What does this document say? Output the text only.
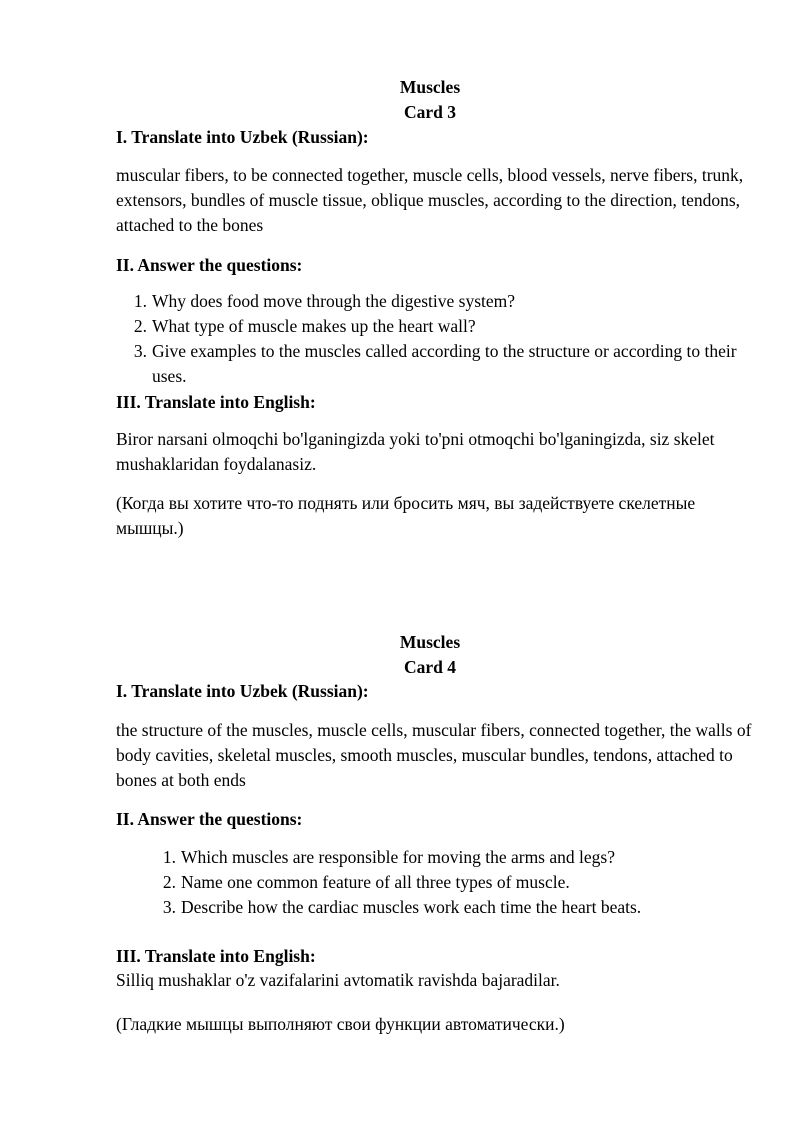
Muscles

Card 3

I. Translate into Uzbek (Russian):

muscular fibers, to be connected together, muscle cells, blood vessels, nerve fibers, trunk, extensors, bundles of muscle tissue, oblique muscles, according to the direction, tendons, attached to the bones

II. Answer the questions:

1. Why does food move through the digestive system?
2. What type of muscle makes up the heart wall?
3. Give examples to the muscles called according to the structure or according to their uses.

III. Translate into English:

Biror narsani olmoqchi bo'lganingizda yoki to'pni otmoqchi bo'lganingizda, siz skelet mushaklaridan foydalanasiz.

(Когда вы хотите что-то поднять или бросить мяч, вы задействуете скелетные мышцы.)

Muscles

Card 4

I. Translate into Uzbek (Russian):

the structure of the muscles, muscle cells, muscular fibers, connected together, the walls of body cavities, skeletal muscles, smooth muscles, muscular bundles, tendons, attached to bones at both ends

II. Answer the questions:

1. Which muscles are responsible for moving the arms and legs?
2. Name one common feature of all three types of muscle.
3. Describe how the cardiac muscles work each time the heart beats.

III. Translate into English:

Silliq mushaklar o'z vazifalarini avtomatik ravishda bajaradilar.

(Гладкие мышцы выполняют свои функции автоматически.)
